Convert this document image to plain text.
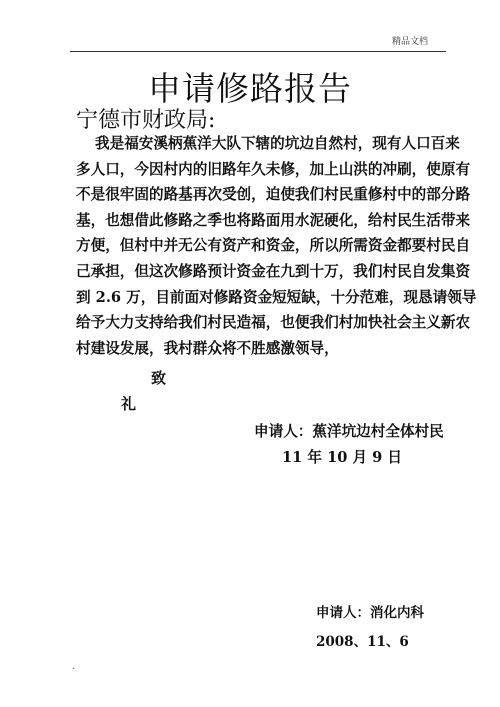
精品文档
申请修路报告
宁德市财政局:
我是福安溪柄蕉洋大队下辖的坑边自然村，现有人口百来
多人口，今因村内的旧路年久未修，加上山洪的冲刷，使原有
不是很牢固的路基再次受创，迫使我们村民重修村中的部分路
基，也想借此修路之季也将路面用水泥硬化，给村民生活带来
方便，但村中并无公有资产和资金，所以所需资金都要村民自
己承担，但这次修路预计资金在九到十万，我们村民自发集资
到 2.6 万，目前面对修路资金短短缺，十分范难，现恳请领导
给予大力支持给我们村民造福，也便我们村加快社会主义新农
村建设发展，我村群众将不胜感激领导，
致
礼
申请人：蕉洋坑边村全体村民
11 年 10 月 9 日
申请人：消化内科
2008、11、6
.
